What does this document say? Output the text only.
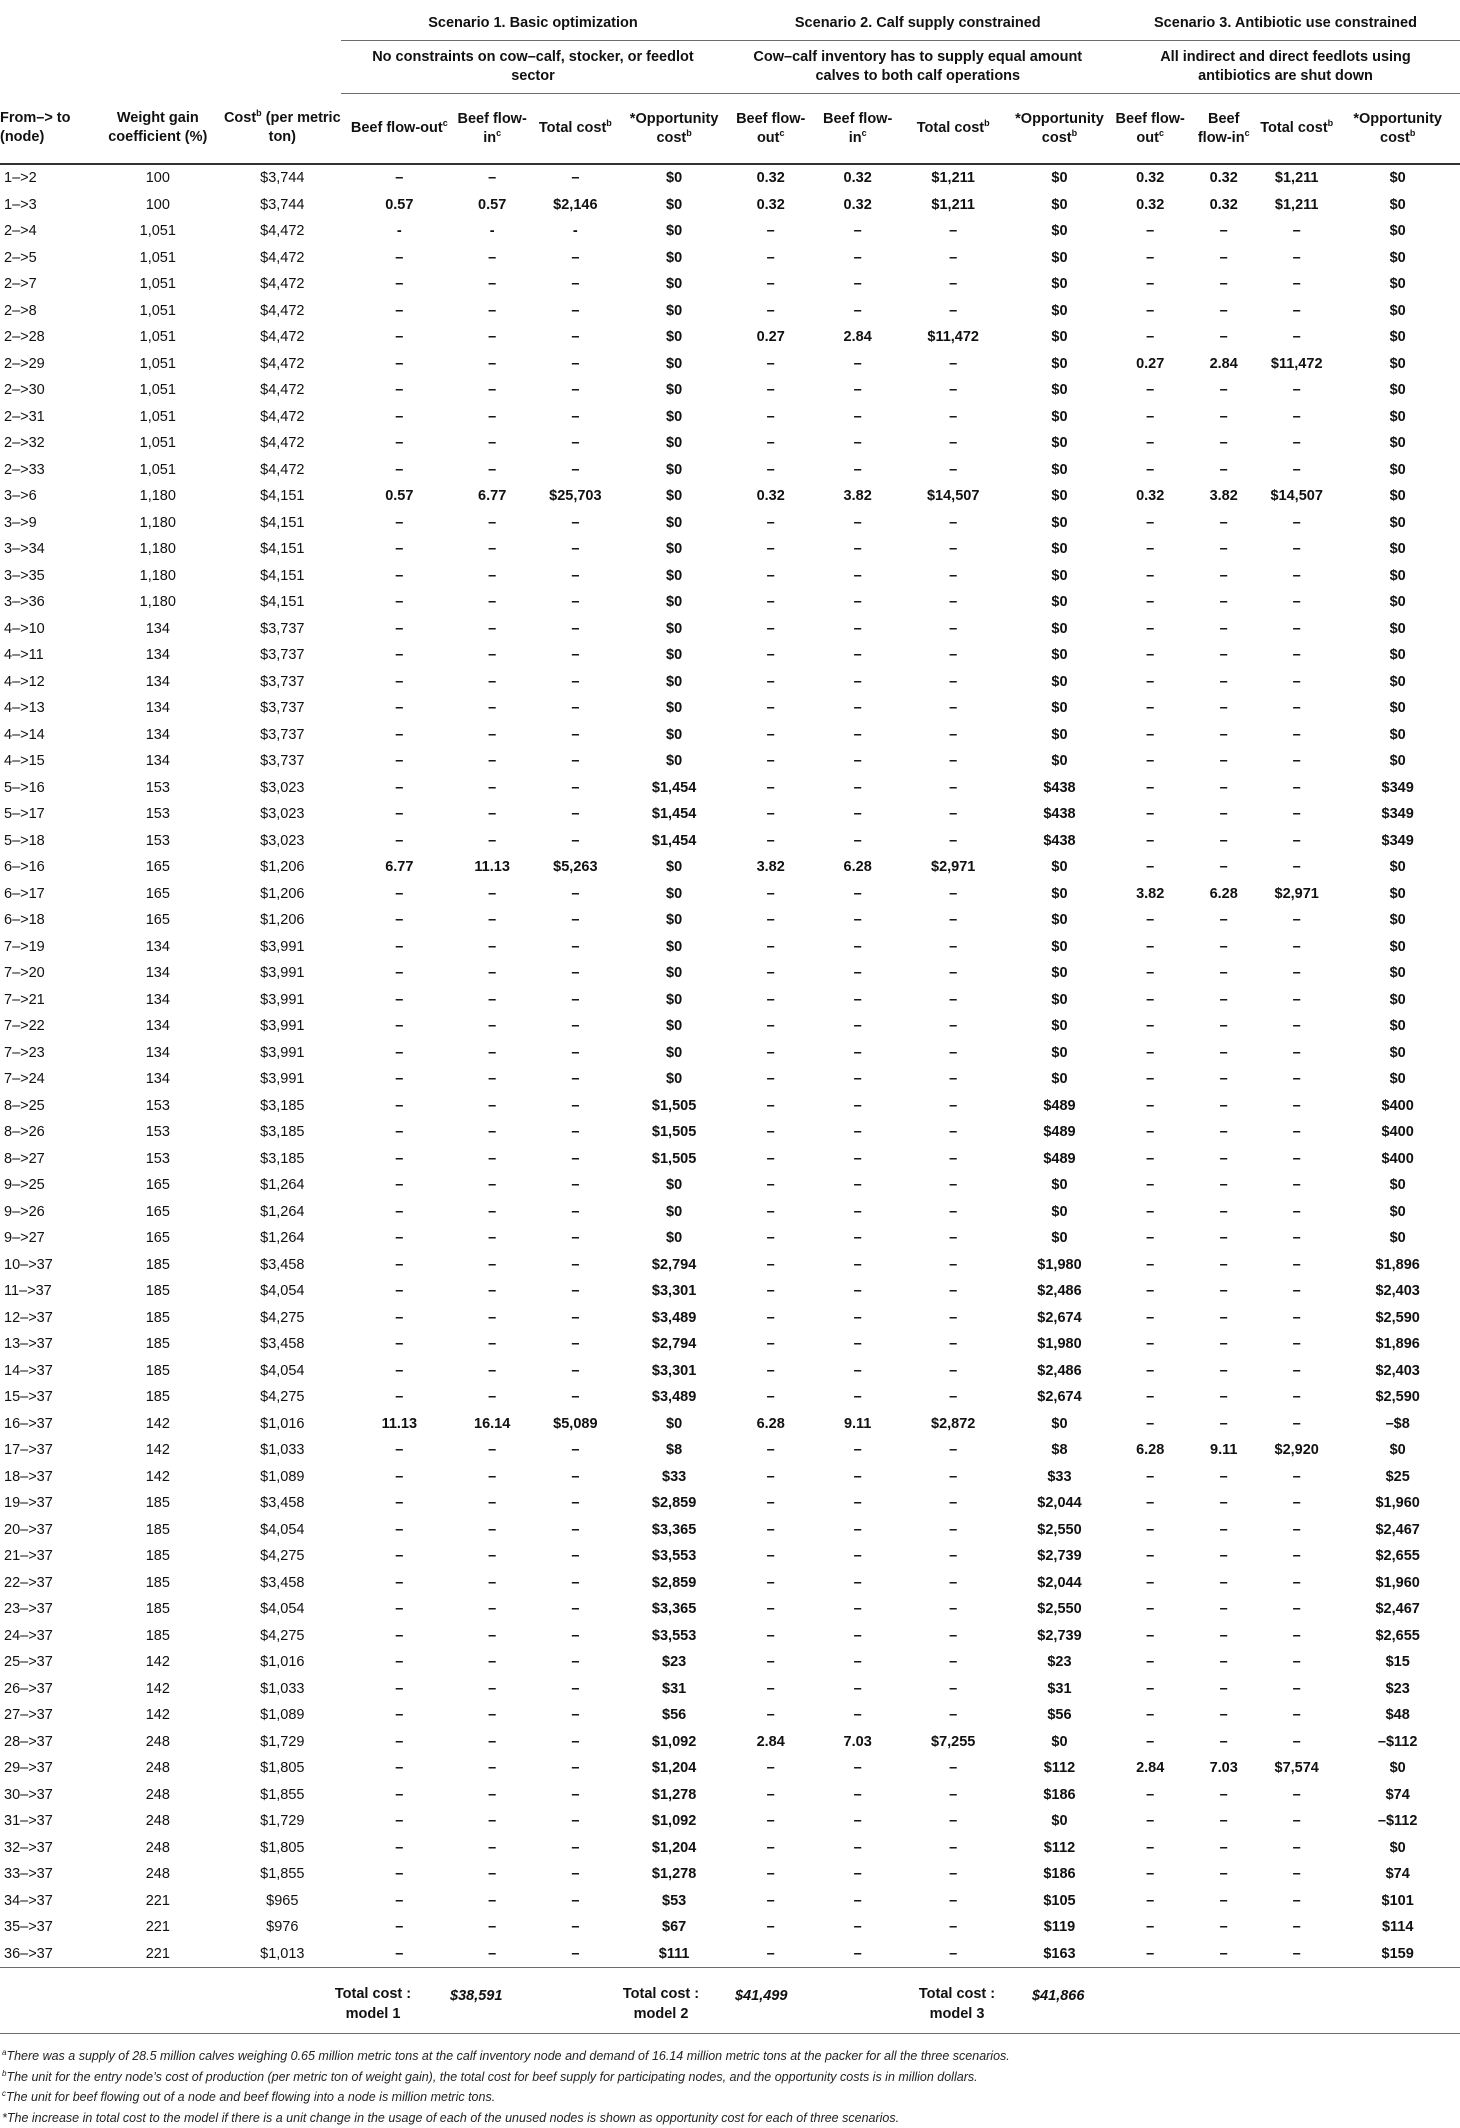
			Scenario 1. Basic optimization				Scenario 2. Calf supply constrained				Scenario 3. Antibiotic use constrained			
			No constraints on cow–calf, stocker, or feedlot sector				Cow–calf inventory has to supply equal amount calves to both calf operations				All indirect and direct feedlots using antibiotics are shut down			
From–> to (node)	Weight gain coefficient (%)	Cost$^b$ (per metric ton)	Beef flow-out$^c$	Beef flow-$in^c$	Total cost$^b$	*Opportunity cost$^b$	Beef flow-out$^c$	Beef flow-$in^c$	Total cost$^b$	*Opportunity cost$^b$	Beef flow-out$^c$	Beef flow-$in^c$	Total cost$^b$	*Opportunity cost$^b$
1–>2	100	$3,744	–	–	–	$0	0.32	0.32	$1,211	$0	0.32	0.32	$1,211	$0
1–>3	100	$3,744	0.57	0.57	$2,146	$0	0.32	0.32	$1,211	$0	0.32	0.32	$1,211	$0
2–>4	1,051	$4,472	-	-	-	$0	–	–	–	$0	–	–	–	$0
2–>5	1,051	$4,472	–	–	–	$0	–	–	–	$0	–	–	–	$0
2–>7	1,051	$4,472	–	–	–	$0	–	–	–	$0	–	–	–	$0
2–>8	1,051	$4,472	–	–	–	$0	–	–	–	$0	–	–	–	$0
2–>28	1,051	$4,472	–	–	–	$0	0.27	2.84	$11,472	$0	–	–	–	$0
2–>29	1,051	$4,472	–	–	–	$0	–	–	–	$0	0.27	2.84	$11,472	$0
2–>30	1,051	$4,472	–	–	–	$0	–	–	–	$0	–	–	–	$0
2–>31	1,051	$4,472	–	–	–	$0	–	–	–	$0	–	–	–	$0
2–>32	1,051	$4,472	–	–	–	$0	–	–	–	$0	–	–	–	$0
2–>33	1,051	$4,472	–	–	–	$0	–	–	–	$0	–	–	–	$0
3–>6	1,180	$4,151	0.57	6.77	$25,703	$0	0.32	3.82	$14,507	$0	0.32	3.82	$14,507	$0
3–>9	1,180	$4,151	–	–	–	$0	–	–	–	$0	–	–	–	$0
3–>34	1,180	$4,151	–	–	–	$0	–	–	–	$0	–	–	–	$0
3–>35	1,180	$4,151	–	–	–	$0	–	–	–	$0	–	–	–	$0
3–>36	1,180	$4,151	–	–	–	$0	–	–	–	$0	–	–	–	$0
4–>10	134	$3,737	–	–	–	$0	–	–	–	$0	–	–	–	$0
4–>11	134	$3,737	–	–	–	$0	–	–	–	$0	–	–	–	$0
4–>12	134	$3,737	–	–	–	$0	–	–	–	$0	–	–	–	$0
4–>13	134	$3,737	–	–	–	$0	–	–	–	$0	–	–	–	$0
4–>14	134	$3,737	–	–	–	$0	–	–	–	$0	–	–	–	$0
4–>15	134	$3,737	–	–	–	$0	–	–	–	$0	–	–	–	$0
5–>16	153	$3,023	–	–	–	$1,454	–	–	–	$438	–	–	–	$349
5–>17	153	$3,023	–	–	–	$1,454	–	–	–	$438	–	–	–	$349
5–>18	153	$3,023	–	–	–	$1,454	–	–	–	$438	–	–	–	$349
6–>16	165	$1,206	6.77	11.13	$5,263	$0	3.82	6.28	$2,971	$0	–	–	–	$0
6–>17	165	$1,206	–	–	–	$0	–	–	–	$0	3.82	6.28	$2,971	$0
6–>18	165	$1,206	–	–	–	$0	–	–	–	$0	–	–	–	$0
7–>19	134	$3,991	–	–	–	$0	–	–	–	$0	–	–	–	$0
7–>20	134	$3,991	–	–	–	$0	–	–	–	$0	–	–	–	$0
7–>21	134	$3,991	–	–	–	$0	–	–	–	$0	–	–	–	$0
7–>22	134	$3,991	–	–	–	$0	–	–	–	$0	–	–	–	$0
7–>23	134	$3,991	–	–	–	$0	–	–	–	$0	–	–	–	$0
7–>24	134	$3,991	–	–	–	$0	–	–	–	$0	–	–	–	$0
8–>25	153	$3,185	–	–	–	$1,505	–	–	–	$489	–	–	–	$400
8–>26	153	$3,185	–	–	–	$1,505	–	–	–	$489	–	–	–	$400
8–>27	153	$3,185	–	–	–	$1,505	–	–	–	$489	–	–	–	$400
9–>25	165	$1,264	–	–	–	$0	–	–	–	$0	–	–	–	$0
9–>26	165	$1,264	–	–	–	$0	–	–	–	$0	–	–	–	$0
9–>27	165	$1,264	–	–	–	$0	–	–	–	$0	–	–	–	$0
10–>37	185	$3,458	–	–	–	$2,794	–	–	–	$1,980	–	–	–	$1,896
11–>37	185	$4,054	–	–	–	$3,301	–	–	–	$2,486	–	–	–	$2,403
12–>37	185	$4,275	–	–	–	$3,489	–	–	–	$2,674	–	–	–	$2,590
13–>37	185	$3,458	–	–	–	$2,794	–	–	–	$1,980	–	–	–	$1,896
14–>37	185	$4,054	–	–	–	$3,301	–	–	–	$2,486	–	–	–	$2,403
15–>37	185	$4,275	–	–	–	$3,489	–	–	–	$2,674	–	–	–	$2,590
16–>37	142	$1,016	11.13	16.14	$5,089	$0	6.28	9.11	$2,872	$0	–	–	–	–$8
17–>37	142	$1,033	–	–	–	$8	–	–	–	$8	6.28	9.11	$2,920	$0
18–>37	142	$1,089	–	–	–	$33	–	–	–	$33	–	–	–	$25
19–>37	185	$3,458	–	–	–	$2,859	–	–	–	$2,044	–	–	–	$1,960
20–>37	185	$4,054	–	–	–	$3,365	–	–	–	$2,550	–	–	–	$2,467
21–>37	185	$4,275	–	–	–	$3,553	–	–	–	$2,739	–	–	–	$2,655
22–>37	185	$3,458	–	–	–	$2,859	–	–	–	$2,044	–	–	–	$1,960
23–>37	185	$4,054	–	–	–	$3,365	–	–	–	$2,550	–	–	–	$2,467
24–>37	185	$4,275	–	–	–	$3,553	–	–	–	$2,739	–	–	–	$2,655
25–>37	142	$1,016	–	–	–	$23	–	–	–	$23	–	–	–	$15
26–>37	142	$1,033	–	–	–	$31	–	–	–	$31	–	–	–	$23
27–>37	142	$1,089	–	–	–	$56	–	–	–	$56	–	–	–	$48
28–>37	248	$1,729	–	–	–	$1,092	2.84	7.03	$7,255	$0	–	–	–	–$112
29–>37	248	$1,805	–	–	–	$1,204	–	–	–	$112	2.84	7.03	$7,574	$0
30–>37	248	$1,855	–	–	–	$1,278	–	–	–	$186	–	–	–	$74
31–>37	248	$1,729	–	–	–	$1,092	–	–	–	$0	–	–	–	–$112
32–>37	248	$1,805	–	–	–	$1,204	–	–	–	$112	–	–	–	$0
33–>37	248	$1,855	–	–	–	$1,278	–	–	–	$186	–	–	–	$74
34–>37	221	$965	–	–	–	$53	–	–	–	$105	–	–	–	$101
35–>37	221	$976	–	–	–	$67	–	–	–	$119	–	–	–	$114
36–>37	221	$1,013	–	–	–	$111	–	–	–	$163	–	–	–	$159
Total cost :
model 1
$38,591	Total cost :
model 2
$41,499	Total cost :
model 3
$41,866
$^a$There was a supply of 28.5 million calves weighing 0.65 million metric tons at the calf inventory node and demand of 16.14 million metric tons at the packer for all the three scenarios.
$^b$The unit for the entry node’s cost of production (per metric ton of weight gain), the total cost for beef supply for participating nodes, and the opportunity costs is in million dollars.
$^c$The unit for beef flowing out of a node and beef flowing into a node is million metric tons.
*The increase in total cost to the model if there is a unit change in the usage of each of the unused nodes is shown as opportunity cost for each of three scenarios.
